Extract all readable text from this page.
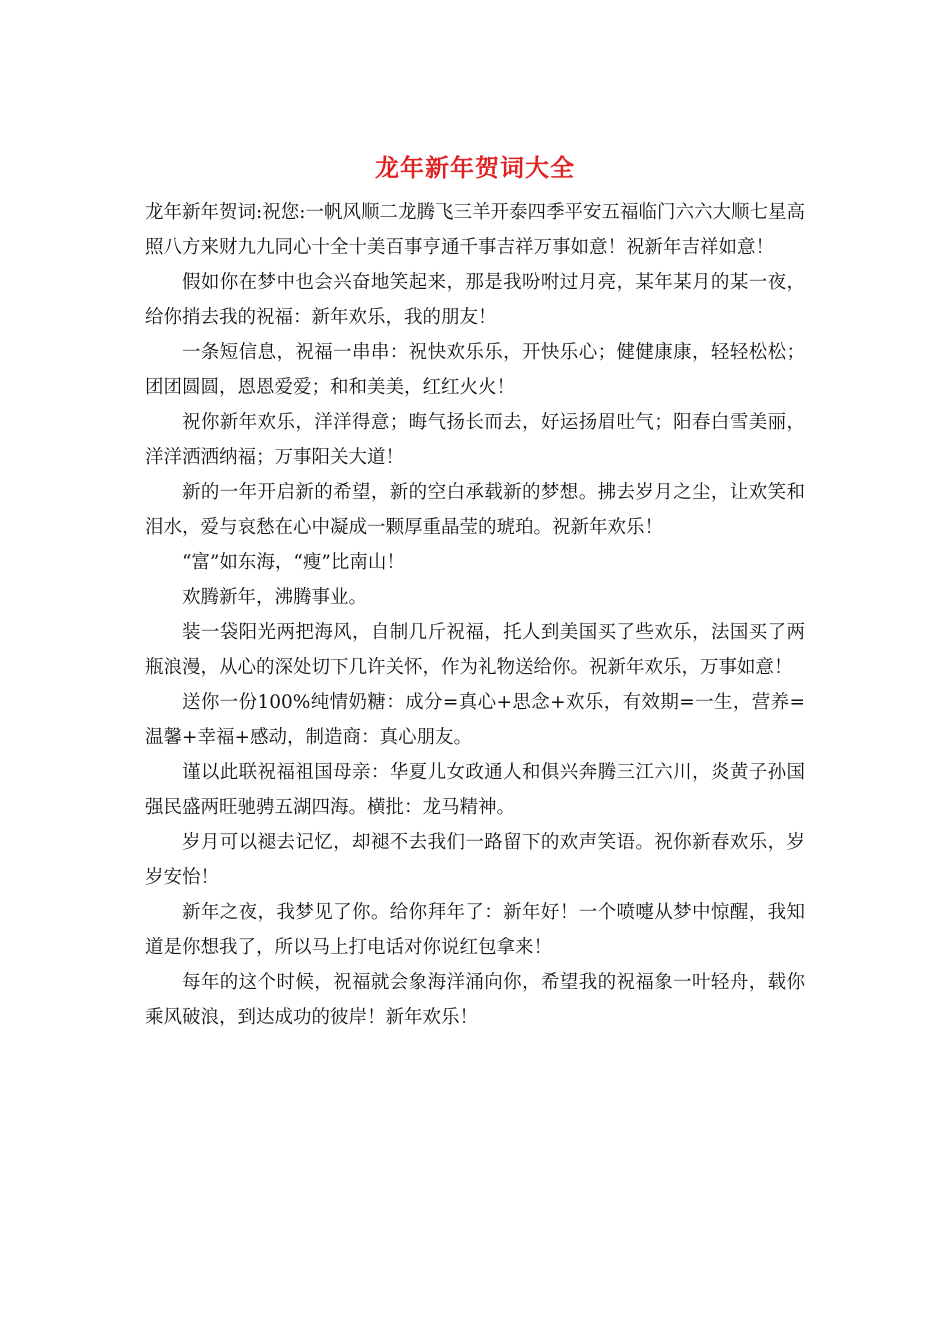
龙年新年贺词大全

龙年新年贺词:祝您:一帆风顺二龙腾飞三羊开泰四季平安五福临门六六大顺七星高照八方来财九九同心十全十美百事亨通千事吉祥万事如意！祝新年吉祥如意！

假如你在梦中也会兴奋地笑起来，那是我吩咐过月亮，某年某月的某一夜，给你捎去我的祝福：新年欢乐，我的朋友！

一条短信息，祝福一串串：祝快欢乐乐，开快乐心；健健康康，轻轻松松；团团圆圆，恩恩爱爱；和和美美，红红火火！

祝你新年欢乐，洋洋得意；晦气扬长而去，好运扬眉吐气；阳春白雪美丽，洋洋洒洒纳福；万事阳关大道！

新的一年开启新的希望，新的空白承载新的梦想。拂去岁月之尘，让欢笑和泪水，爱与哀愁在心中凝成一颗厚重晶莹的琥珀。祝新年欢乐！

“富”如东海，“瘦”比南山！

欢腾新年，沸腾事业。

装一袋阳光两把海风，自制几斤祝福，托人到美国买了些欢乐，法国买了两瓶浪漫，从心的深处切下几许关怀，作为礼物送给你。祝新年欢乐，万事如意！

送你一份100%纯情奶糖：成分=真心+思念+欢乐，有效期=一生，营养=温馨+幸福+感动，制造商：真心朋友。

谨以此联祝福祖国母亲：华夏儿女政通人和俱兴奔腾三江六川，炎黄子孙国强民盛两旺驰骋五湖四海。横批：龙马精神。

岁月可以褪去记忆，却褪不去我们一路留下的欢声笑语。祝你新春欢乐，岁岁安怡！

新年之夜，我梦见了你。给你拜年了：新年好！一个喷嚏从梦中惊醒，我知道是你想我了，所以马上打电话对你说红包拿来！

每年的这个时候，祝福就会象海洋涌向你，希望我的祝福象一叶轻舟，载你乘风破浪，到达成功的彼岸！新年欢乐！
